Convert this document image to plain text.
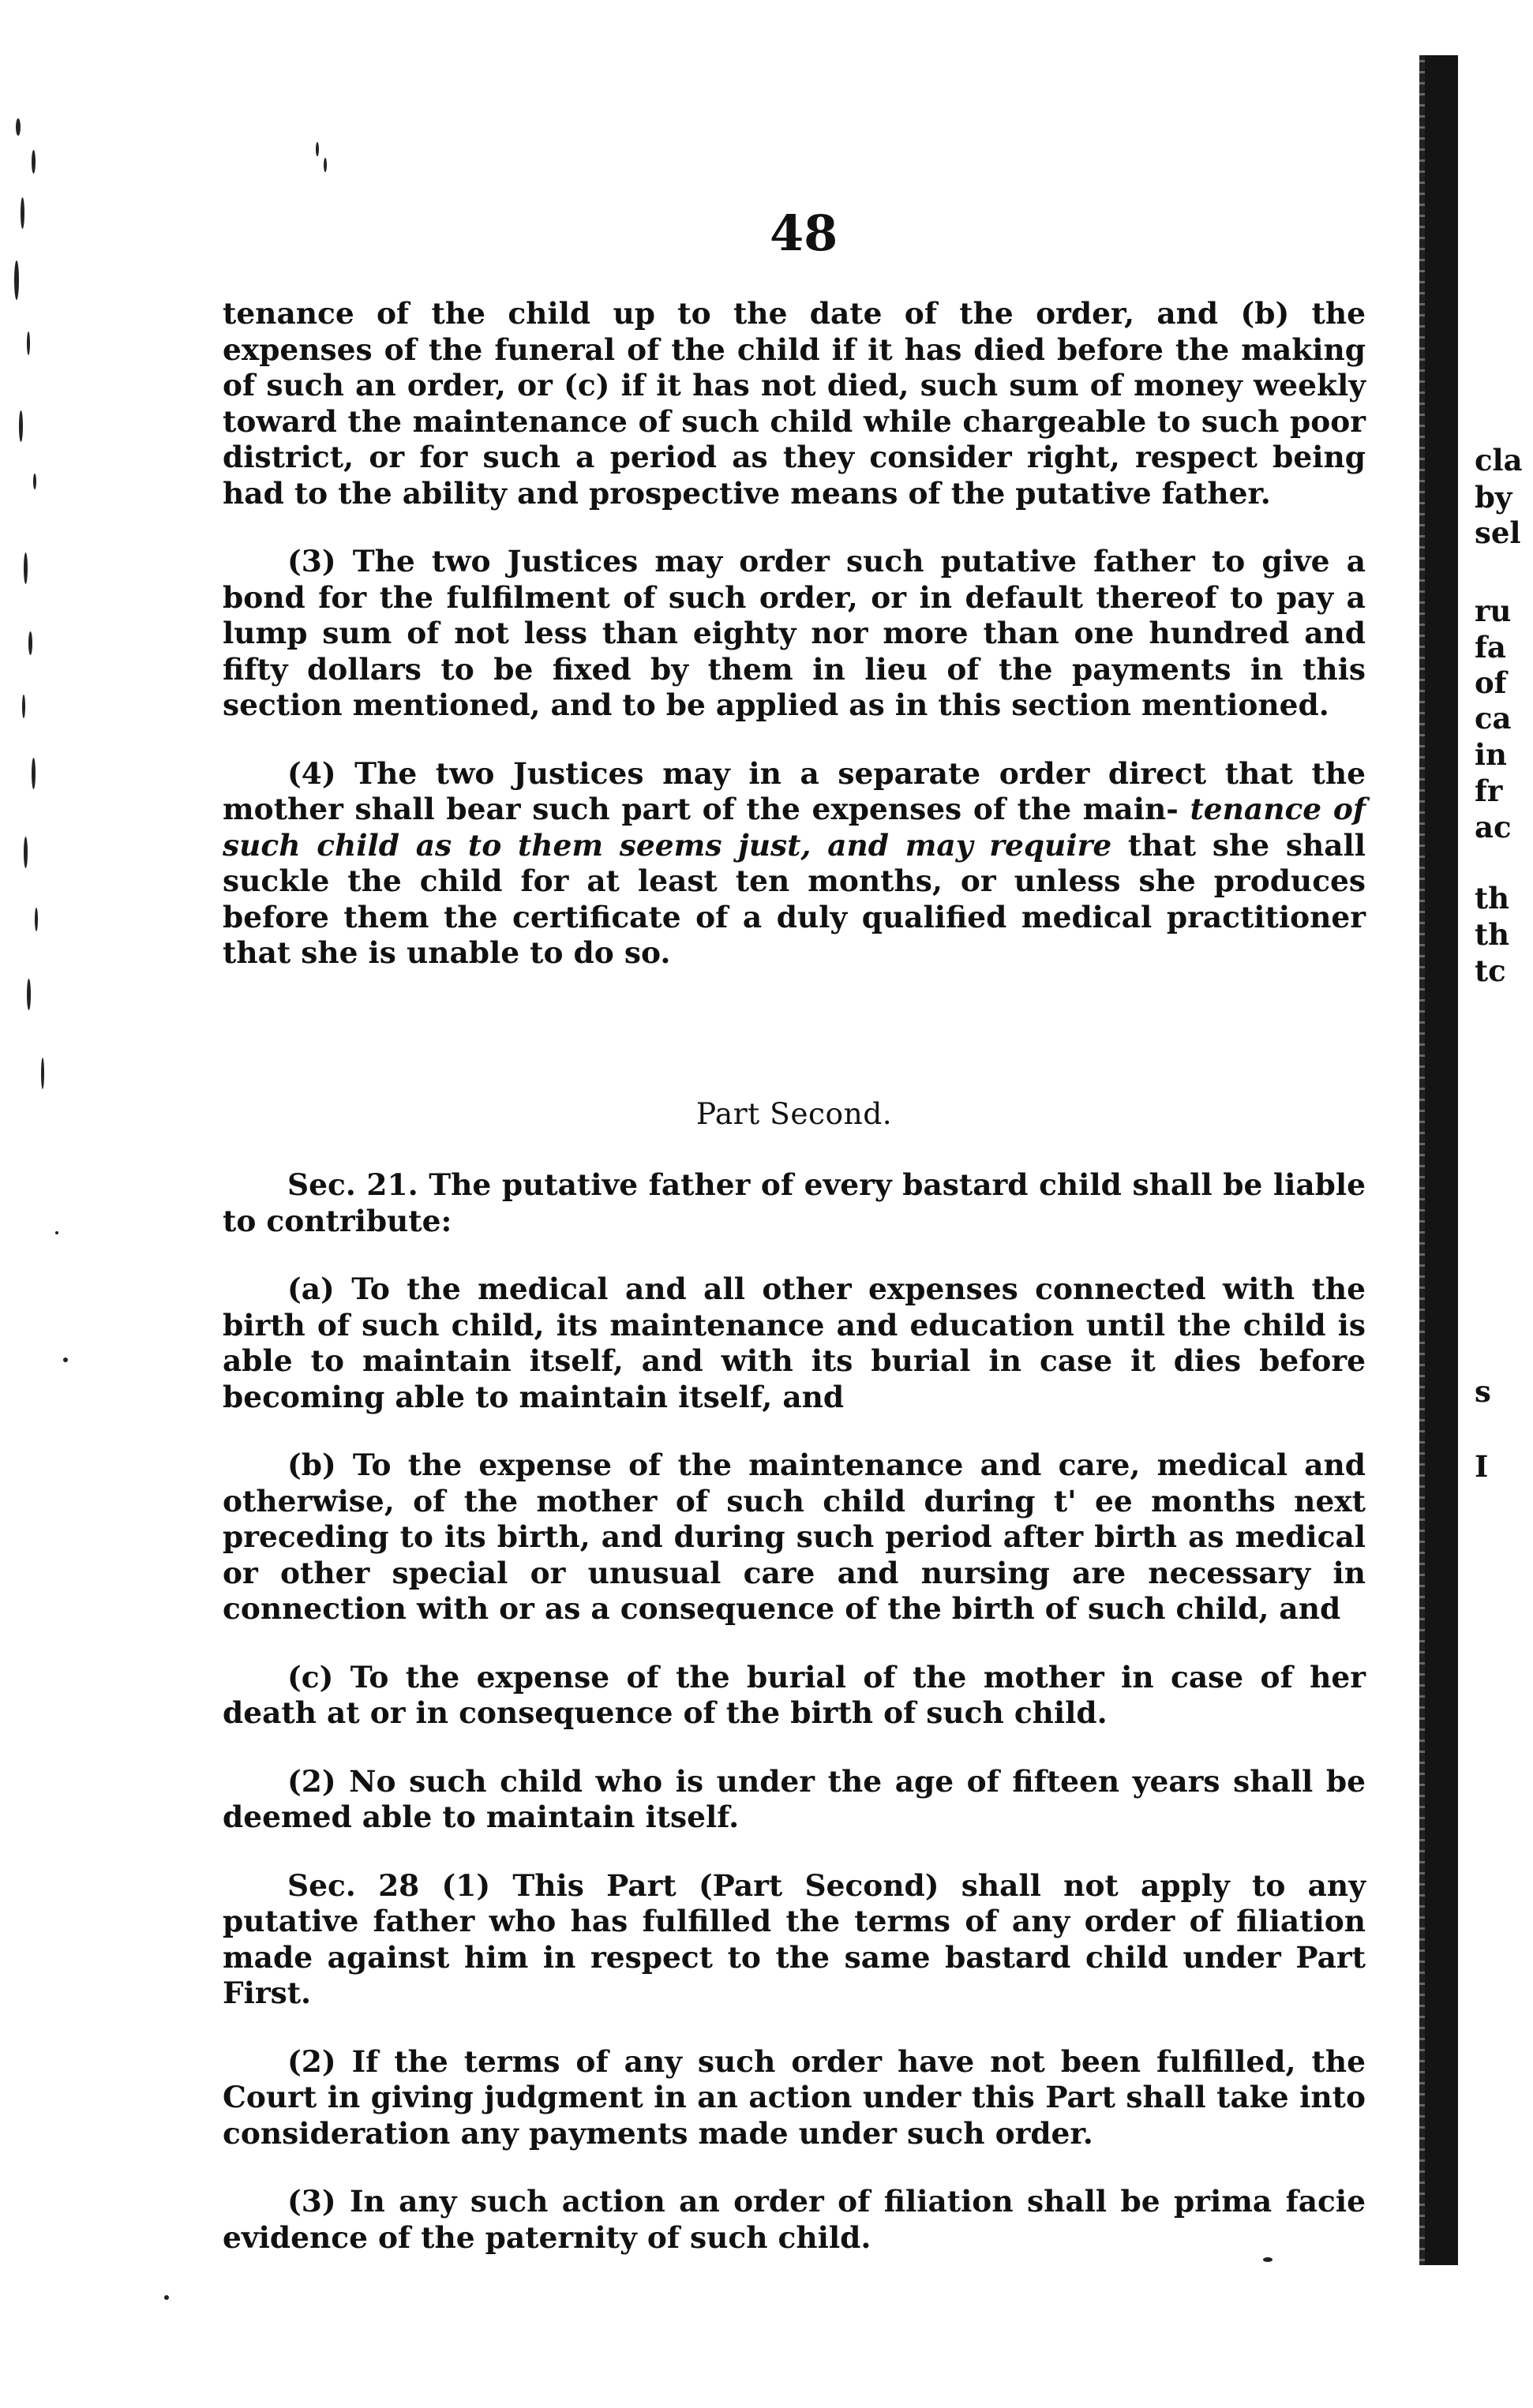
48

tenance of the child up to the date of the order, and (b) the expenses of the funeral of the child if it has died before the making of such an order, or (c) if it has not died, such sum of money weekly toward the maintenance of such child while chargeable to such poor district, or for such a period as they consider right, respect being had to the ability and prospective means of the putative father.

(3) The two Justices may order such putative father to give a bond for the fulfilment of such order, or in default thereof to pay a lump sum of not less than eighty nor more than one hundred and fifty dollars to be fixed by them in lieu of the payments in this section mentioned, and to be applied as in this section mentioned.

(4) The two Justices may in a separate order direct that the mother shall bear such part of the expenses of the main- tenance of such child as to them seems just, and may require that she shall suckle the child for at least ten months, or unless she produces before them the certificate of a duly qualified medical practitioner that she is unable to do so.

Part Second.

Sec. 21. The putative father of every bastard child shall be liable to contribute:

(a) To the medical and all other expenses connected with the birth of such child, its maintenance and education until the child is able to maintain itself, and with its burial in case it dies before becoming able to maintain itself, and

(b) To the expense of the maintenance and care, medical and otherwise, of the mother of such child during t' ee months next preceding to its birth, and during such period after birth as medical or other special or unusual care and nursing are necessary in connection with or as a consequence of the birth of such child, and

(c) To the expense of the burial of the mother in case of her death at or in consequence of the birth of such child.

(2) No such child who is under the age of fifteen years shall be deemed able to maintain itself.

Sec. 28 (1) This Part (Part Second) shall not apply to any putative father who has fulfilled the terms of any order of filiation made against him in respect to the same bastard child under Part First.

(2) If the terms of any such order have not been fulfilled, the Court in giving judgment in an action under this Part shall take into consideration any payments made under such order.

(3) In any such action an order of filiation shall be prima facie evidence of the paternity of such child.

cla
by
sel
ru
fa
of
ca
in
fr
ac
th
th
tc
s
I
